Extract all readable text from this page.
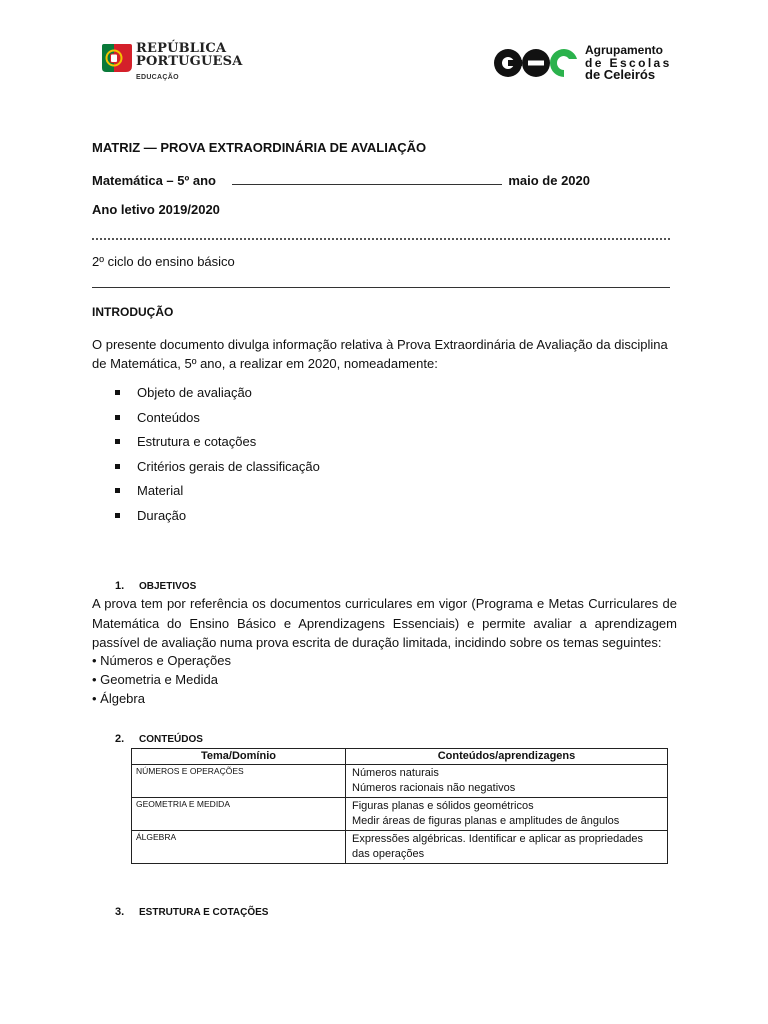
REPÚBLICA
PORTUGUESA
EDUCAÇÃO
Agrupamento
de Escolas
de Celeirós
MATRIZ — PROVA EXTRAORDINÁRIA DE AVALIAÇÃO
Matemática – 5º ano	maio de 2020
Ano letivo 2019/2020
2º ciclo do ensino básico
INTRODUÇÃO
O presente documento divulga informação relativa à Prova Extraordinária de Avaliação da disciplina de Matemática, 5º ano, a realizar em 2020, nomeadamente:
Objeto de avaliação
Conteúdos
Estrutura e cotações
Critérios gerais de classificação
Material
Duração
1. OBJETIVOS
A prova tem por referência os documentos curriculares em vigor (Programa e Metas Curriculares de Matemática do Ensino Básico e Aprendizagens Essenciais) e permite avaliar a aprendizagem passível de avaliação numa prova escrita de duração limitada, incidindo sobre os temas seguintes:
• Números e Operações
• Geometria e Medida
• Álgebra
2. CONTEÚDOS
Tema/Domínio	Conteúdos/aprendizagens
NÚMEROS E OPERAÇÕES	Números naturais
Números racionais não negativos

GEOMETRIA E MEDIDA	Figuras planas e sólidos geométricos
Medir áreas de figuras planas e amplitudes de ângulos

ÁLGEBRA	Expressões algébricas. Identificar e aplicar as propriedades das operações
3. ESTRUTURA E COTAÇÕES
